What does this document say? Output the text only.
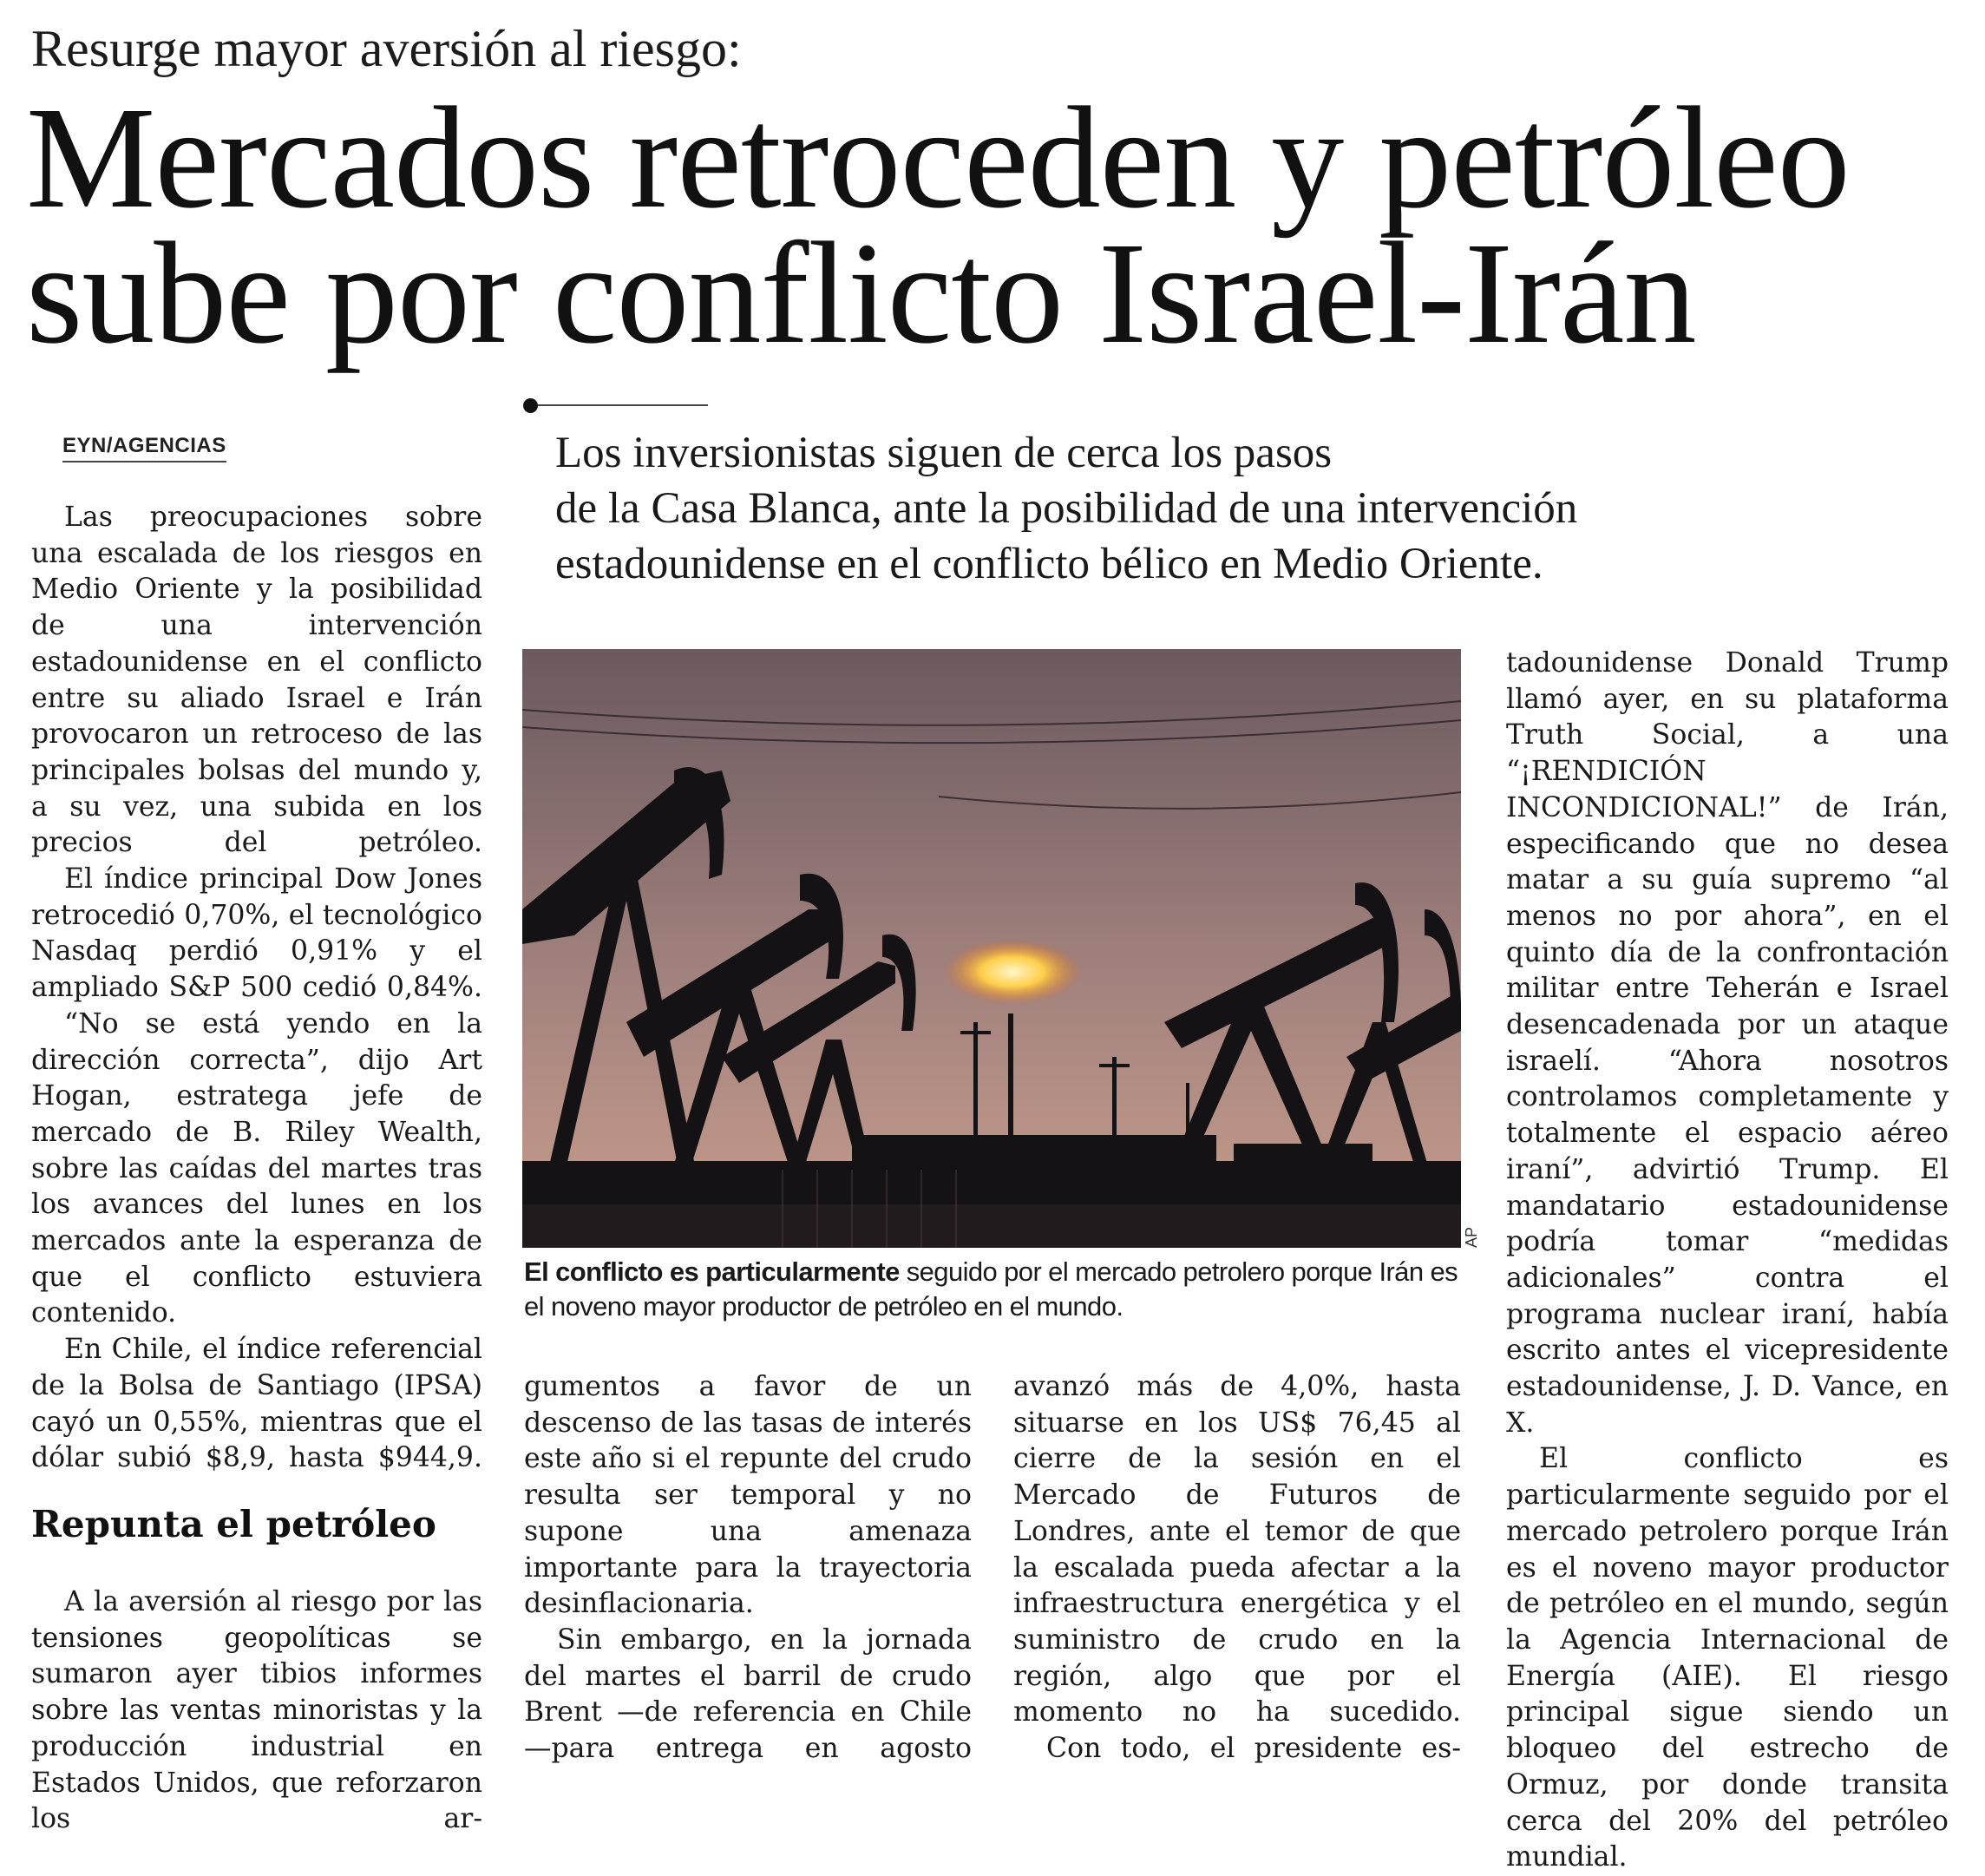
Resurge mayor aversión al riesgo:
Mercados retroceden y petróleo
sube por conflicto Israel-Irán
EYN/AGENCIAS	Los inversionistas siguen de cerca los pasos
de la Casa Blanca, ante la posibilidad de una intervención
estadounidense en el conflicto bélico en Medio Oriente.

Las preocupaciones sobre una escalada de los riesgos en Medio Oriente y la posibilidad de una intervención estadounidense en el conflicto entre su aliado Israel e Irán provocaron un retroceso de las principales bolsas del mundo y, a su vez, una subida en los precios del petróleo.

El índice principal Dow Jones retrocedió 0,70%, el tecnológico Nasdaq perdió 0,91% y el ampliado S&P 500 cedió 0,84%.

“No se está yendo en la dirección correcta”, dijo Art Hogan, estratega jefe de mercado de B. Riley Wealth, sobre las caídas del martes tras los avances del lunes en los mercados ante la esperanza de que el conflicto estuviera contenido.

En Chile, el índice referencial de la Bolsa de Santiago (IPSA) cayó un 0,55%, mientras que el dólar subió $8,9, hasta $944,9.

Repunta el petróleo

A la aversión al riesgo por las tensiones geopolíticas se sumaron ayer tibios informes sobre las ventas minoristas y la producción industrial en Estados Unidos, que reforzaron los ar-

AP
El conflicto es particularmente seguido por el mercado petrolero porque Irán es el noveno mayor productor de petróleo en el mundo.

gumentos a favor de un descenso de las tasas de interés este año si el repunte del crudo resulta ser temporal y no supone una amenaza importante para la trayectoria desinflacionaria.

Sin embargo, en la jornada del martes el barril de crudo Brent —de referencia en Chile—para entrega en agosto

avanzó más de 4,0%, hasta situarse en los US$ 76,45 al cierre de la sesión en el Mercado de Futuros de Londres, ante el temor de que la escalada pueda afectar a la infraestructura energética y el suministro de crudo en la región, algo que por el momento no ha sucedido.

Con todo, el presidente es-

tadounidense Donald Trump llamó ayer, en su plataforma Truth Social, a una “¡RENDICIÓN INCONDICIONAL!” de Irán, especificando que no desea matar a su guía supremo “al menos no por ahora”, en el quinto día de la confrontación militar entre Teherán e Israel desencadenada por un ataque israelí. “Ahora nosotros controlamos completamente y totalmente el espacio aéreo iraní”, advirtió Trump. El mandatario estadounidense podría tomar “medidas adicionales” contra el programa nuclear iraní, había escrito antes el vicepresidente estadounidense, J. D. Vance, en X.

El conflicto es particularmente seguido por el mercado petrolero porque Irán es el noveno mayor productor de petróleo en el mundo, según la Agencia Internacional de Energía (AIE). El riesgo principal sigue siendo un bloqueo del estrecho de Ormuz, por donde transita cerca del 20% del petróleo mundial.
